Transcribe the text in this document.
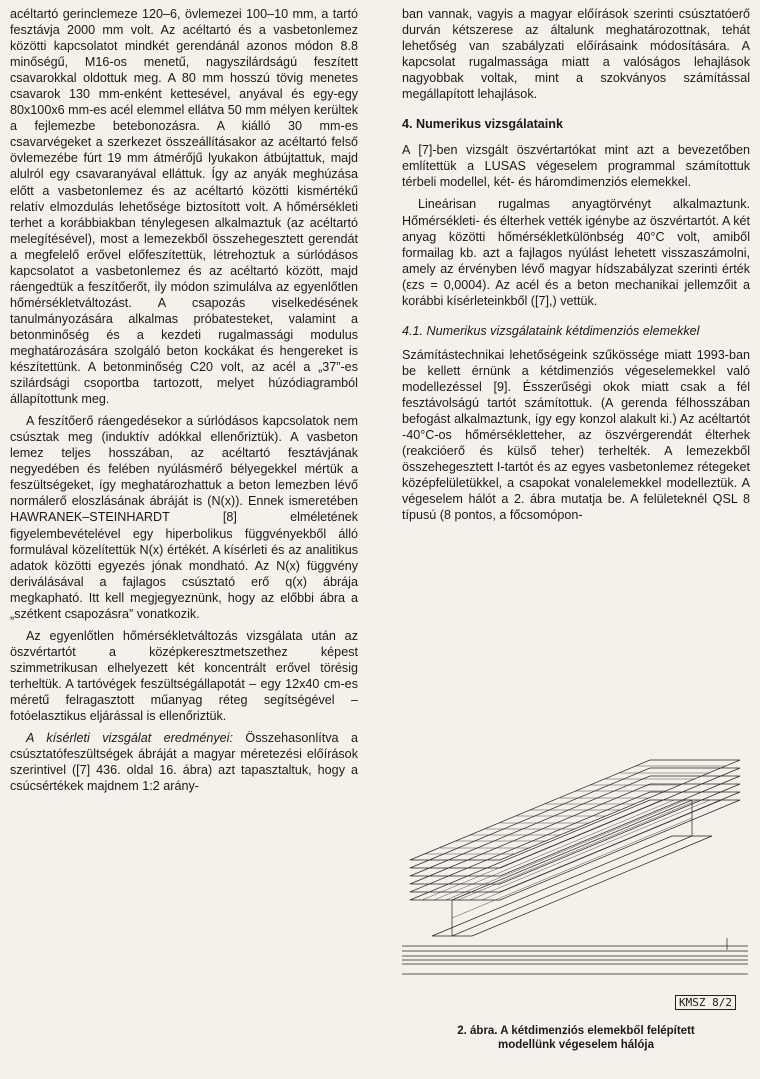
acéltartó gerinclemeze 120–6, övlemezei 100–10 mm, a tartó fesztávja 2000 mm volt. Az acéltartó és a vasbetonlemez közötti kapcsolatot mindkét gerendánál azonos módon 8.8 minőségű, M16-os menetű, nagyszilárdságú feszített csavarokkal oldottuk meg. A 80 mm hosszú tövig menetes csavarok 130 mm-enként kettesével, anyával és egy-egy 80x100x6 mm-es acél elemmel ellátva 50 mm mélyen kerültek a fejlemezbe betebonozásra. A kiálló 30 mm-es csavarvégeket a szerkezet összeállításakor az acéltartó felső övlemezébe fúrt 19 mm átmérőjű lyukakon átbújtattuk, majd alulról egy csavaranyával elláttuk. Így az anyák meghúzása előtt a vasbetonlemez és az acéltartó közötti kismértékű relatív elmozdulás lehetősége biztosított volt. A hőmérsékleti terhet a korábbiakban ténylegesen alkalmaztuk (az acéltartó melegítésével), most a lemezekből összehegesztett gerendát a megfelelő erővel előfeszítettük, létrehoztuk a súrlódásos kapcsolatot a vasbetonlemez és az acéltartó között, majd ráengedtük a feszítőerőt, ily módon szimulálva az egyenlőtlen hőmérsékletváltozást. A csapozás viselkedésének tanulmányozására alkalmas próbatesteket, valamint a betonminőség és a kezdeti rugalmassági modulus meghatározására szolgáló beton kockákat és hengereket is készítettünk. A betonminőség C20 volt, az acél a „37”-es szilárdsági csoportba tartozott, melyet húzódiagramból állapítottunk meg.

A feszítőerő ráengedésekor a súrlódásos kapcsolatok nem csúsztak meg (induktív adókkal ellenőriztük). A vasbeton lemez teljes hosszában, az acéltartó fesztávjának negyedében és felében nyúlásmérő bélyegekkel mértük a feszültségeket, így meghatározhattuk a beton lemezben lévő normálerő eloszlásának ábráját is (N(x)). Ennek ismeretében HAWRANEK–STEINHARDT [8] elméletének figyelembevételével egy hiperbolikus függvényekből álló formulával közelítettük N(x) értékét. A kísérleti és az analitikus adatok közötti egyezés jónak mondható. Az N(x) függvény deriválásával a fajlagos csúsztató erő q(x) ábrája megkapható. Itt kell megjegyeznünk, hogy az előbbi ábra a „szétkent csapozásra” vonatkozik.

Az egyenlőtlen hőmérsékletváltozás vizsgálata után az öszvértartót a középkeresztmetszethez képest szimmetrikusan elhelyezett két koncentrált erővel törésig terheltük. A tartóvégek feszültségállapotát – egy 12x40 cm-es méretű felragasztott műanyag réteg segítségével – fotóelasztikus eljárással is ellenőriztük.

A kísérleti vizsgálat eredményei: Összehasonlítva a csúsztatófeszültségek ábráját a magyar méretezési előírások szerintivel ([7] 436. oldal 16. ábra) azt tapasztaltuk, hogy a csúcsértékek majdnem 1:2 arány-

ban vannak, vagyis a magyar előírások szerinti csúsztatóerő durván kétszerese az általunk meghatározottnak, tehát lehetőség van szabályzati előírásaink módosítására. A kapcsolat rugalmassága miatt a valóságos lehajlások nagyobbak voltak, mint a szokványos számítással megállapított lehajlások.

4. Numerikus vizsgálataink

A [7]-ben vizsgált öszvértartókat mint azt a bevezetőben említettük a LUSAS végeselem programmal számítottuk térbeli modellel, két- és háromdimenziós elemekkel.

Lineárisan rugalmas anyagtörvényt alkalmaztunk. Hőmérsékleti- és élterhek vették igénybe az öszvértartót. A két anyag közötti hőmérsékletkülönbség 40°C volt, amiből formailag kb. azt a fajlagos nyúlást lehetett visszaszámolni, amely az érvényben lévő magyar hídszabályzat szerinti érték (εzs = 0,0004). Az acél és a beton mechanikai jellemzőit a korábbi kísérleteinkből ([7],) vettük.

4.1. Numerikus vizsgálataink kétdimenziós elemekkel

Számítástechnikai lehetőségeink szűkössége miatt 1993-ban be kellett érnünk a kétdimenziós végeselemekkel való modellezéssel [9]. Ésszerűségi okok miatt csak a fél fesztávolságú tartót számítottuk. (A gerenda félhosszában befogást alkalmaztunk, így egy konzol alakult ki.) Az acéltartót -40°C-os hőmérsékletteher, az öszvérgerendát élterhek (reakcióerő és külső teher) terhelték. A lemezekből összehegesztett I-tartót és az egyes vasbetonlemez rétegeket középfelületükkel, a csapokat vonalelemekkel modelleztük. A végeselem hálót a 2. ábra mutatja be. A felületeknél QSL 8 típusú (8 pontos, a főcsomópon-

KMSZ 8/2
2. ábra. A kétdimenziós elemekből felépített
modellünk végeselem hálója
